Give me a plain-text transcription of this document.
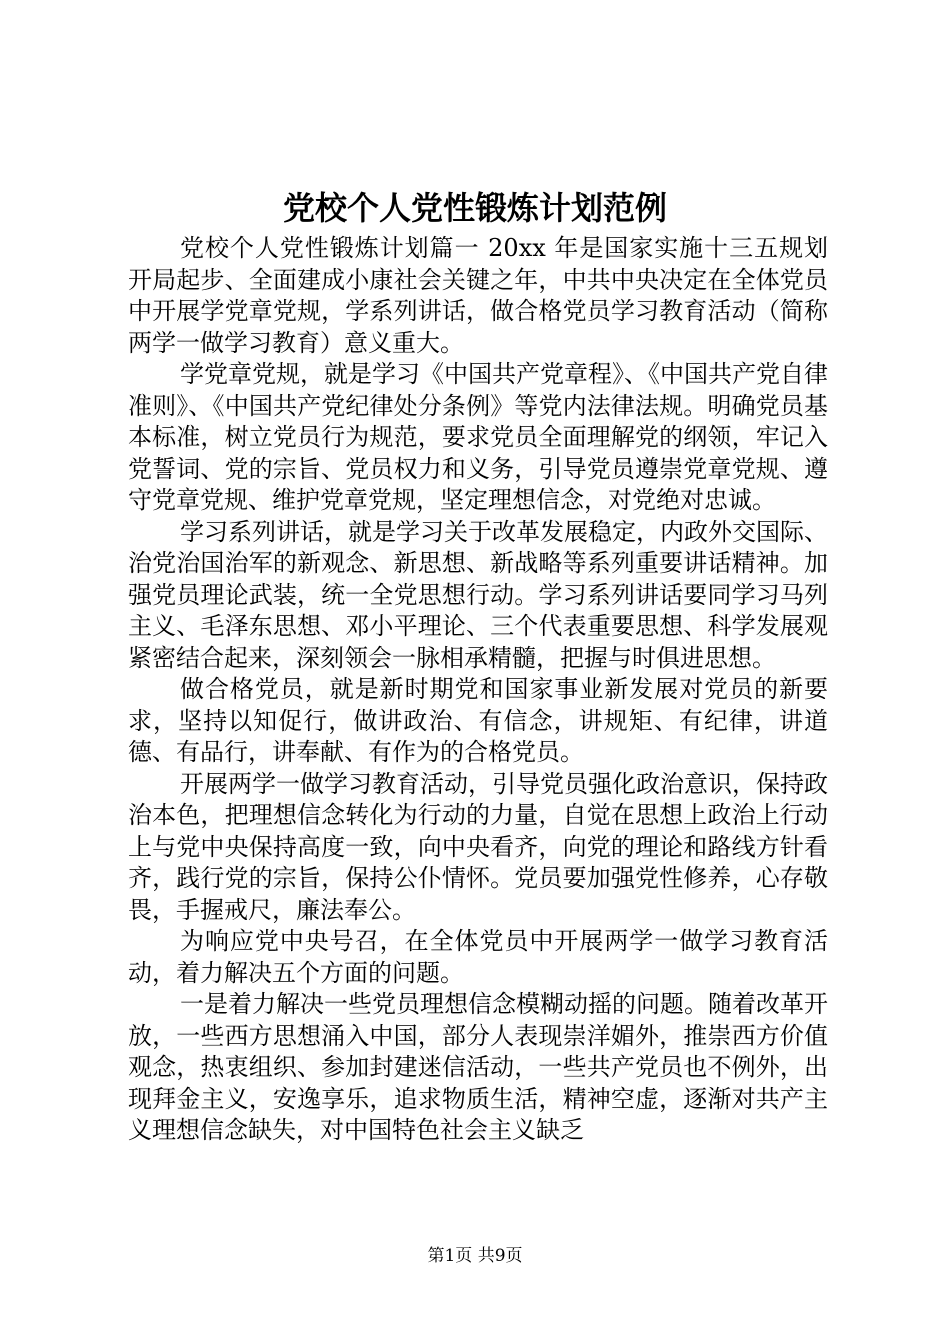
党校个人党性锻炼计划范例

党校个人党性锻炼计划篇一 20xx 年是国家实施十三五规划开局起步、全面建成小康社会关键之年，中共中央决定在全体党员中开展学党章党规，学系列讲话，做合格党员学习教育活动（简称两学一做学习教育）意义重大。

学党章党规，就是学习《中国共产党章程》、《中国共产党自律准则》、《中国共产党纪律处分条例》等党内法律法规。明确党员基本标准，树立党员行为规范，要求党员全面理解党的纲领，牢记入党誓词、党的宗旨、党员权力和义务，引导党员遵崇党章党规、遵守党章党规、维护党章党规，坚定理想信念，对党绝对忠诚。

学习系列讲话，就是学习关于改革发展稳定，内政外交国际、治党治国治军的新观念、新思想、新战略等系列重要讲话精神。加强党员理论武装，统一全党思想行动。学习系列讲话要同学习马列主义、毛泽东思想、邓小平理论、三个代表重要思想、科学发展观紧密结合起来，深刻领会一脉相承精髓，把握与时俱进思想。

做合格党员，就是新时期党和国家事业新发展对党员的新要求，坚持以知促行，做讲政治、有信念，讲规矩、有纪律，讲道德、有品行，讲奉献、有作为的合格党员。

开展两学一做学习教育活动，引导党员强化政治意识，保持政治本色，把理想信念转化为行动的力量，自觉在思想上政治上行动上与党中央保持高度一致，向中央看齐，向党的理论和路线方针看齐，践行党的宗旨，保持公仆情怀。党员要加强党性修养，心存敬畏，手握戒尺，廉法奉公。

为响应党中央号召，在全体党员中开展两学一做学习教育活动，着力解决五个方面的问题。

一是着力解决一些党员理想信念模糊动摇的问题。随着改革开放，一些西方思想涌入中国，部分人表现崇洋媚外，推崇西方价值观念，热衷组织、参加封建迷信活动，一些共产党员也不例外，出现拜金主义，安逸享乐，追求物质生活，精神空虚，逐渐对共产主义理想信念缺失，对中国特色社会主义缺乏

第1页 共9页
